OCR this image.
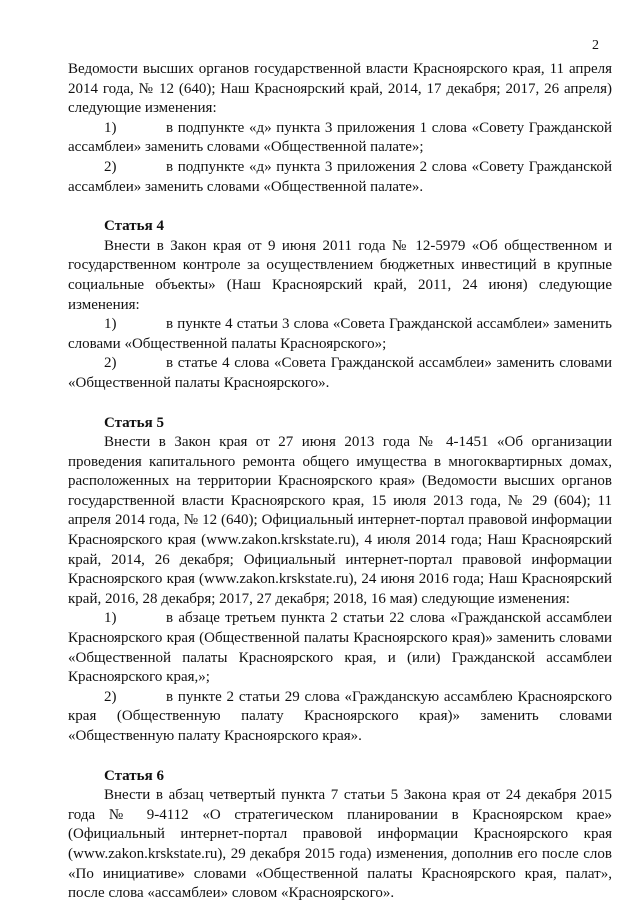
2

Ведомости высших органов государственной власти Красноярского края, 11 апреля 2014 года, № 12 (640); Наш Красноярский край, 2014, 17 декабря; 2017, 26 апреля) следующие изменения:

1)	в подпункте «д» пункта 3 приложения 1 слова «Совету Гражданской ассамблеи» заменить словами «Общественной палате»;

2)	в подпункте «д» пункта 3 приложения 2 слова «Совету Гражданской ассамблеи» заменить словами «Общественной палате».

Статья 4

Внести в Закон края от 9 июня 2011 года № 12-5979 «Об общественном и государственном контроле за осуществлением бюджетных инвестиций в крупные социальные объекты» (Наш Красноярский край, 2011, 24 июня) следующие изменения:

1)	в пункте 4 статьи 3 слова «Совета Гражданской ассамблеи» заменить словами «Общественной палаты Красноярского»;

2)	в статье 4 слова «Совета Гражданской ассамблеи» заменить словами «Общественной палаты Красноярского».

Статья 5

Внести в Закон края от 27 июня 2013 года № 4-1451 «Об организации проведения капитального ремонта общего имущества в многоквартирных домах, расположенных на территории Красноярского края» (Ведомости высших органов государственной власти Красноярского края, 15 июля 2013 года, № 29 (604); 11 апреля 2014 года, № 12 (640); Официальный интернет-портал правовой информации Красноярского края (www.zakon.krskstate.ru), 4 июля 2014 года; Наш Красноярский край, 2014, 26 декабря; Официальный интернет-портал правовой информации Красноярского края (www.zakon.krskstate.ru), 24 июня 2016 года; Наш Красноярский край, 2016, 28 декабря; 2017, 27 декабря; 2018, 16 мая) следующие изменения:

1)	в абзаце третьем пункта 2 статьи 22 слова «Гражданской ассамблеи Красноярского края (Общественной палаты Красноярского края)» заменить словами «Общественной палаты Красноярского края, и (или) Гражданской ассамблеи Красноярского края,»;

2)	в пункте 2 статьи 29 слова «Гражданскую ассамблею Красноярского края (Общественную палату Красноярского края)» заменить словами «Общественную палату Красноярского края».

Статья 6

Внести в абзац четвертый пункта 7 статьи 5 Закона края от 24 декабря 2015 года № 9-4112 «О стратегическом планировании в Красноярском крае» (Официальный интернет-портал правовой информации Красноярского края (www.zakon.krskstate.ru), 29 декабря 2015 года) изменения, дополнив его после слов «По инициативе» словами «Общественной палаты Красноярского края, палат», после слова «ассамблеи» словом «Красноярского».
